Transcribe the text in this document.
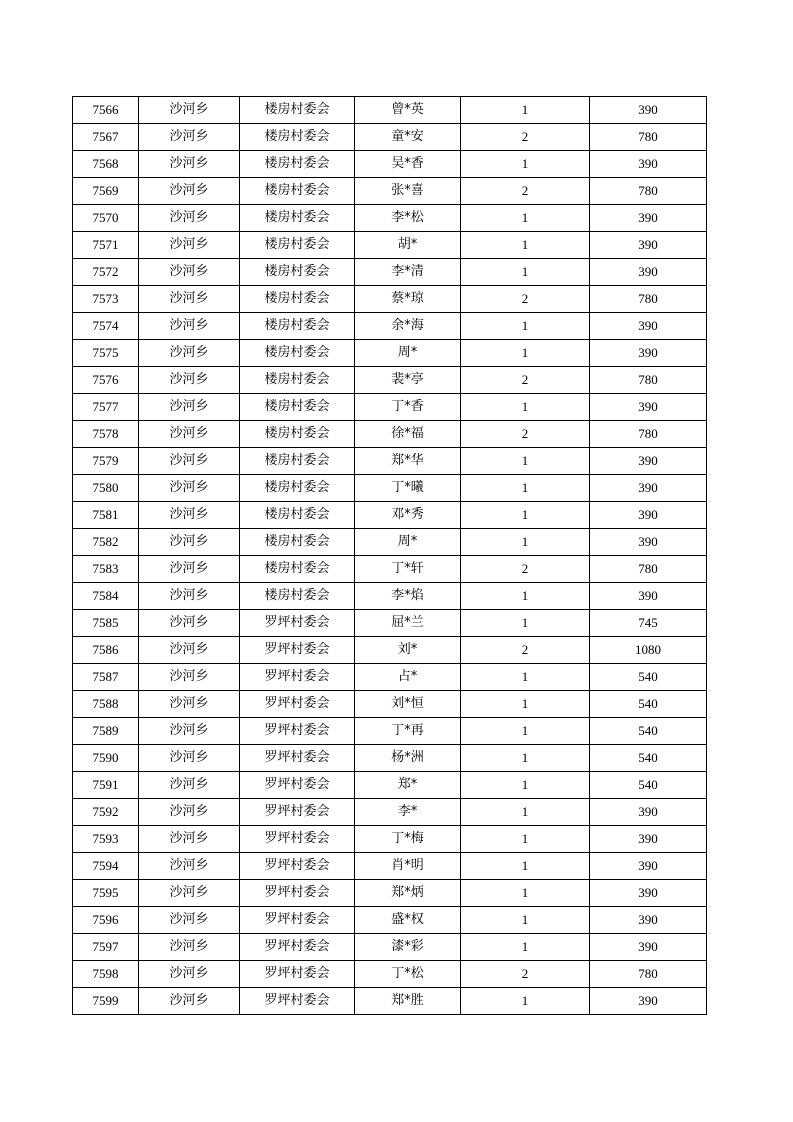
7566	沙河乡	楼房村委会	曾*英	1	390
7567	沙河乡	楼房村委会	童*安	2	780
7568	沙河乡	楼房村委会	吴*香	1	390
7569	沙河乡	楼房村委会	张*喜	2	780
7570	沙河乡	楼房村委会	李*松	1	390
7571	沙河乡	楼房村委会	胡*	1	390
7572	沙河乡	楼房村委会	李*清	1	390
7573	沙河乡	楼房村委会	蔡*琼	2	780
7574	沙河乡	楼房村委会	余*海	1	390
7575	沙河乡	楼房村委会	周*	1	390
7576	沙河乡	楼房村委会	裴*亭	2	780
7577	沙河乡	楼房村委会	丁*香	1	390
7578	沙河乡	楼房村委会	徐*福	2	780
7579	沙河乡	楼房村委会	郑*华	1	390
7580	沙河乡	楼房村委会	丁*曦	1	390
7581	沙河乡	楼房村委会	邓*秀	1	390
7582	沙河乡	楼房村委会	周*	1	390
7583	沙河乡	楼房村委会	丁*轩	2	780
7584	沙河乡	楼房村委会	李*焰	1	390
7585	沙河乡	罗坪村委会	屈*兰	1	745
7586	沙河乡	罗坪村委会	刘*	2	1080
7587	沙河乡	罗坪村委会	占*	1	540
7588	沙河乡	罗坪村委会	刘*恒	1	540
7589	沙河乡	罗坪村委会	丁*再	1	540
7590	沙河乡	罗坪村委会	杨*洲	1	540
7591	沙河乡	罗坪村委会	郑*	1	540
7592	沙河乡	罗坪村委会	李*	1	390
7593	沙河乡	罗坪村委会	丁*梅	1	390
7594	沙河乡	罗坪村委会	肖*明	1	390
7595	沙河乡	罗坪村委会	郑*炳	1	390
7596	沙河乡	罗坪村委会	盛*权	1	390
7597	沙河乡	罗坪村委会	漆*彩	1	390
7598	沙河乡	罗坪村委会	丁*松	2	780
7599	沙河乡	罗坪村委会	郑*胜	1	390
